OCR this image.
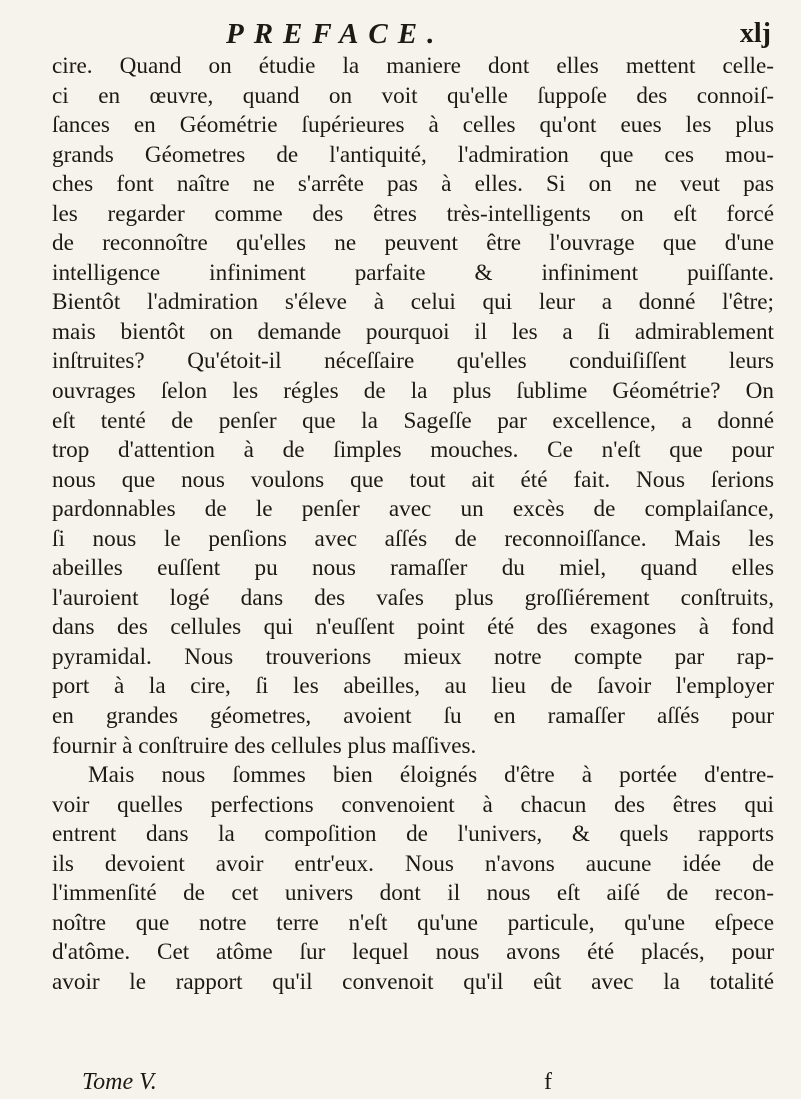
PREFACE.	xlj
cire. Quand on étudie la maniere dont elles mettent celle-
ci en œuvre, quand on voit qu'elle ſuppoſe des connoiſ-
ſances en Géométrie ſupérieures à celles qu'ont eues les plus
grands Géometres de l'antiquité, l'admiration que ces mou-
ches font naître ne s'arrête pas à elles. Si on ne veut pas
les regarder comme des êtres très-intelligents on eſt forcé
de reconnoître qu'elles ne peuvent être l'ouvrage que d'une
intelligence infiniment parfaite & infiniment puiſſante.
Bientôt l'admiration s'éleve à celui qui leur a donné l'être;
mais bientôt on demande pourquoi il les a ſi admirablement
inſtruites? Qu'étoit-il néceſſaire qu'elles conduiſiſſent leurs
ouvrages ſelon les régles de la plus ſublime Géométrie? On
eſt tenté de penſer que la Sageſſe par excellence, a donné
trop d'attention à de ſimples mouches. Ce n'eſt que pour
nous que nous voulons que tout ait été fait. Nous ſerions
pardonnables de le penſer avec un excès de complaiſance,
ſi nous le penſions avec aſſés de reconnoiſſance. Mais les
abeilles euſſent pu nous ramaſſer du miel, quand elles
l'auroient logé dans des vaſes plus groſſiérement conſtruits,
dans des cellules qui n'euſſent point été des exagones à fond
pyramidal. Nous trouverions mieux notre compte par rap-
port à la cire, ſi les abeilles, au lieu de ſavoir l'employer
en grandes géometres, avoient ſu en ramaſſer aſſés pour
fournir à conſtruire des cellules plus maſſives.
Mais nous ſommes bien éloignés d'être à portée d'entre-
voir quelles perfections convenoient à chacun des êtres qui
entrent dans la compoſition de l'univers, & quels rapports
ils devoient avoir entr'eux. Nous n'avons aucune idée de
l'immenſité de cet univers dont il nous eſt aiſé de recon-
noître que notre terre n'eſt qu'une particule, qu'une eſpece
d'atôme. Cet atôme ſur lequel nous avons été placés, pour
avoir le rapport qu'il convenoit qu'il eût avec la totalité
Tome V.	f
